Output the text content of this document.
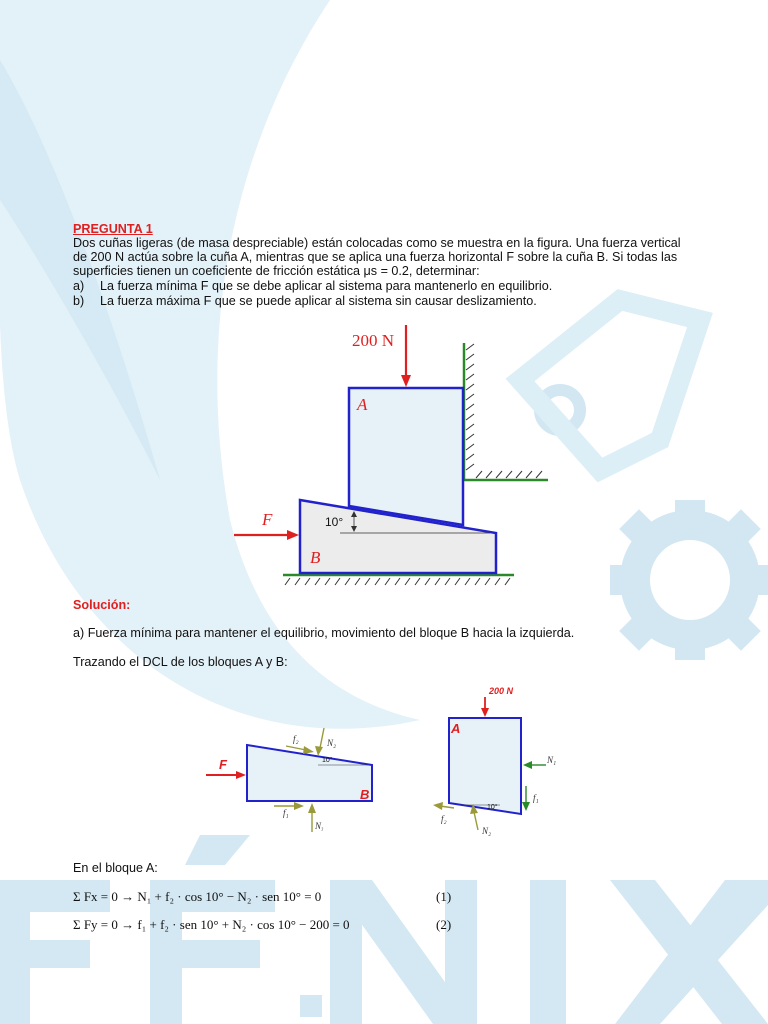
PREGUNTA 1
Dos cuñas ligeras (de masa despreciable) están colocadas como se muestra en la figura. Una fuerza vertical
de 200 N actúa sobre la cuña A, mientras que se aplica una fuerza horizontal F sobre la cuña B. Si todas las
superficies tienen un coeficiente de fricción estática μs = 0.2, determinar:
a) La fuerza mínima F que se debe aplicar al sistema para mantenerlo en equilibrio.
b) La fuerza máxima F que se puede aplicar al sistema sin causar deslizamiento.
200 N
A
B
F	10°
Solución:
a) Fuerza mínima para mantener el equilibrio, movimiento del bloque B hacia la izquierda.
Trazando el DCL de los bloques A y B:
F
B
f₂	N₂
10°
f₁
N₃
200 N
A
N₁
f₁
10°
f₂
N₂
En el bloque A:
Σ Fx = 0 → N₁ + f₂ · cos 10° − N₂ · sen 10° = 0	(1)
Σ Fy = 0 → f₁ + f₂ · sen 10° + N₂ · cos 10° − 200 = 0	(2)
